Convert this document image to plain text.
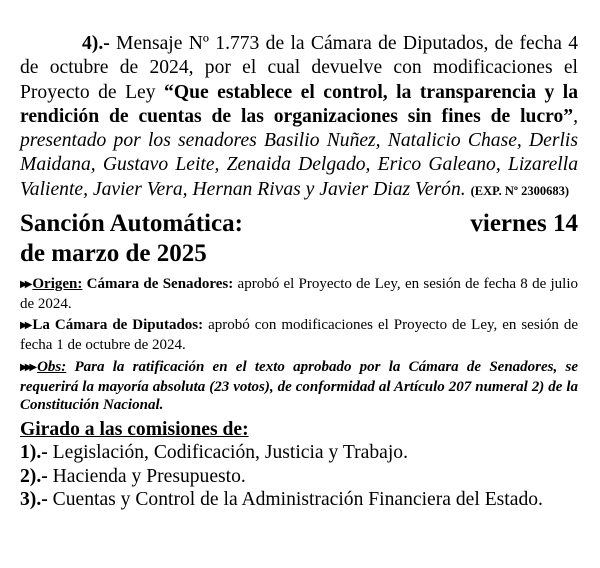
4).- Mensaje Nº 1.773 de la Cámara de Diputados, de fecha 4 de octubre de 2024, por el cual devuelve con modificaciones el Proyecto de Ley “Que establece el control, la transparencia y la rendición de cuentas de las organizaciones sin fines de lucro”, presentado por los senadores Basilio Nuñez, Natalicio Chase, Derlis Maidana, Gustavo Leite, Zenaida Delgado, Erico Galeano, Lizarella Valiente, Javier Vera, Hernan Rivas y Javier Diaz Verón. (EXP. Nº 2300683)

Sanción Automática:	viernes 14
de marzo de 2025

▶▶ Origen: Cámara de Senadores: aprobó el Proyecto de Ley, en sesión de fecha 8 de julio de 2024.

▶▶ La Cámara de Diputados: aprobó con modificaciones el Proyecto de Ley, en sesión de fecha 1 de octubre de 2024.

▶▶▶ Obs: Para la ratificación en el texto aprobado por la Cámara de Senadores, se requerirá la mayoría absoluta (23 votos), de conformidad al Artículo 207 numeral 2) de la Constitución Nacional.

Girado a las comisiones de:

1).- Legislación, Codificación, Justicia y Trabajo.

2).- Hacienda y Presupuesto.

3).- Cuentas y Control de la Administración Financiera del Estado.
